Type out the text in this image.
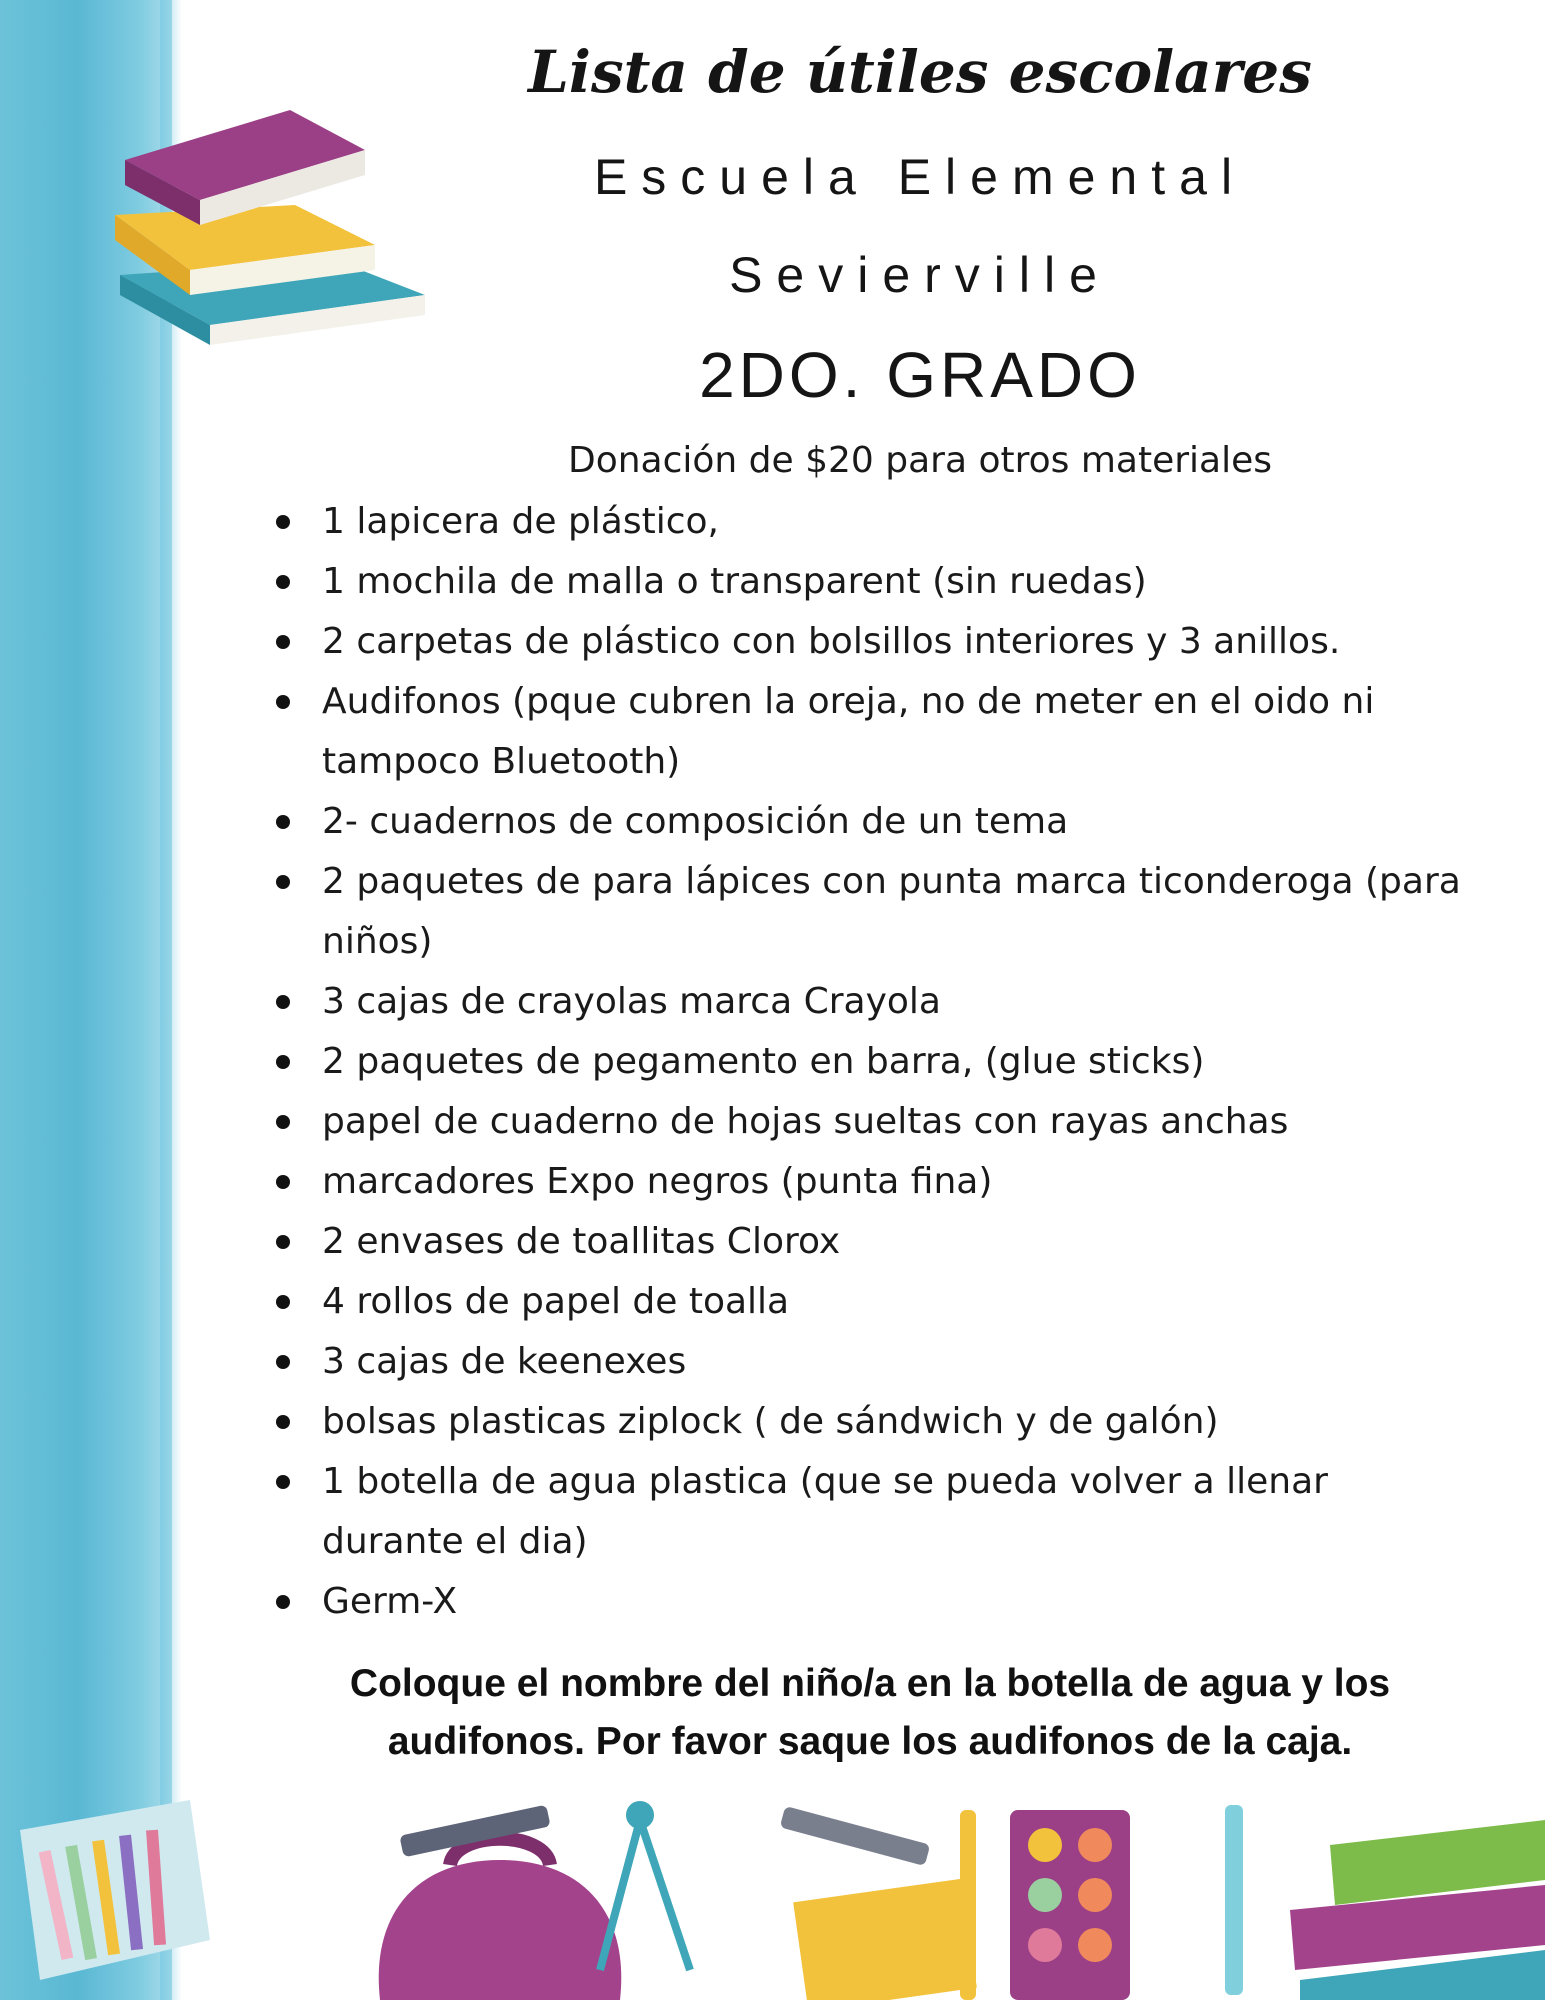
Lista de útiles escolares
Escuela Elemental
Sevierville
2DO. GRADO
Donación de $20 para otros materiales
1 lapicera de plástico,
1 mochila de malla o transparent (sin ruedas)
2 carpetas de plástico con bolsillos interiores y 3 anillos.
Audifonos (pque cubren la oreja, no de meter en el oido ni tampoco Bluetooth)
2- cuadernos de composición de un tema
2 paquetes de para lápices con punta marca ticonderoga (para niños)
3 cajas de crayolas marca Crayola
2 paquetes de pegamento en barra, (glue sticks)
papel de cuaderno de hojas sueltas con rayas anchas
marcadores Expo negros (punta fina)
2 envases de toallitas Clorox
4 rollos de papel de toalla
3 cajas de keenexes
bolsas plasticas ziplock ( de sándwich y de galón)
1 botella de agua plastica (que se pueda volver a llenar durante el dia)
Germ-X
Coloque el nombre del niño/a en la botella de agua y los audifonos. Por favor saque los audifonos de la caja.
